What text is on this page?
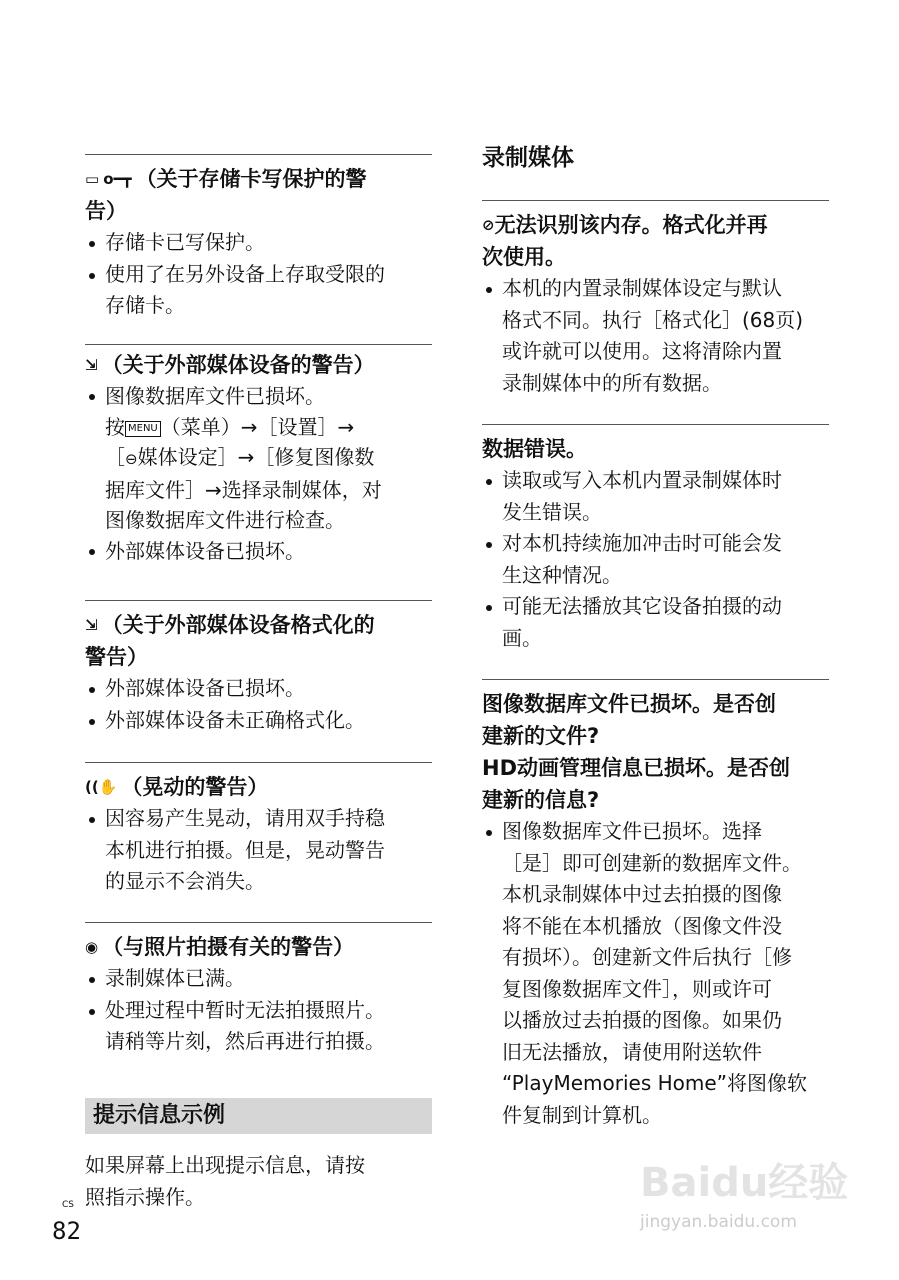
▭ o━┳ （关于存储卡写保护的警
告）
存储卡已写保护。
使用了在另外设备上存取受限的
存储卡。
⇲ （关于外部媒体设备的警告）
图像数据库文件已损坏。
按 MENU （菜单）→［设置］→
［⊖媒体设定］→［修复图像数
据库文件］→选择录制媒体，对
图像数据库文件进行检查。
外部媒体设备已损坏。
⇲ （关于外部媒体设备格式化的
警告）
外部媒体设备已损坏。
外部媒体设备未正确格式化。
((✋ （晃动的警告）
因容易产生晃动，请用双手持稳
本机进行拍摄。但是，晃动警告
的显示不会消失。
◉ （与照片拍摄有关的警告）
录制媒体已满。
处理过程中暂时无法拍摄照片。
请稍等片刻，然后再进行拍摄。
提示信息示例
如果屏幕上出现提示信息，请按
照指示操作。
录制媒体
⊘无法识别该内存。格式化并再
次使用。
本机的内置录制媒体设定与默认
格式不同。执行［格式化］(68页)
或许就可以使用。这将清除内置
录制媒体中的所有数据。
数据错误。
读取或写入本机内置录制媒体时
发生错误。
对本机持续施加冲击时可能会发
生这种情况。
可能无法播放其它设备拍摄的动
画。
图像数据库文件已损坏。是否创
建新的文件?
HD动画管理信息已损坏。是否创
建新的信息?
图像数据库文件已损坏。选择
［是］即可创建新的数据库文件。
本机录制媒体中过去拍摄的图像
将不能在本机播放（图像文件没
有损坏）。创建新文件后执行［修
复图像数据库文件］，则或许可
以播放过去拍摄的图像。如果仍
旧无法播放，请使用附送软件
“PlayMemories Home”将图像软
件复制到计算机。
CS
82
Baidu经验
jingyan.baidu.com
